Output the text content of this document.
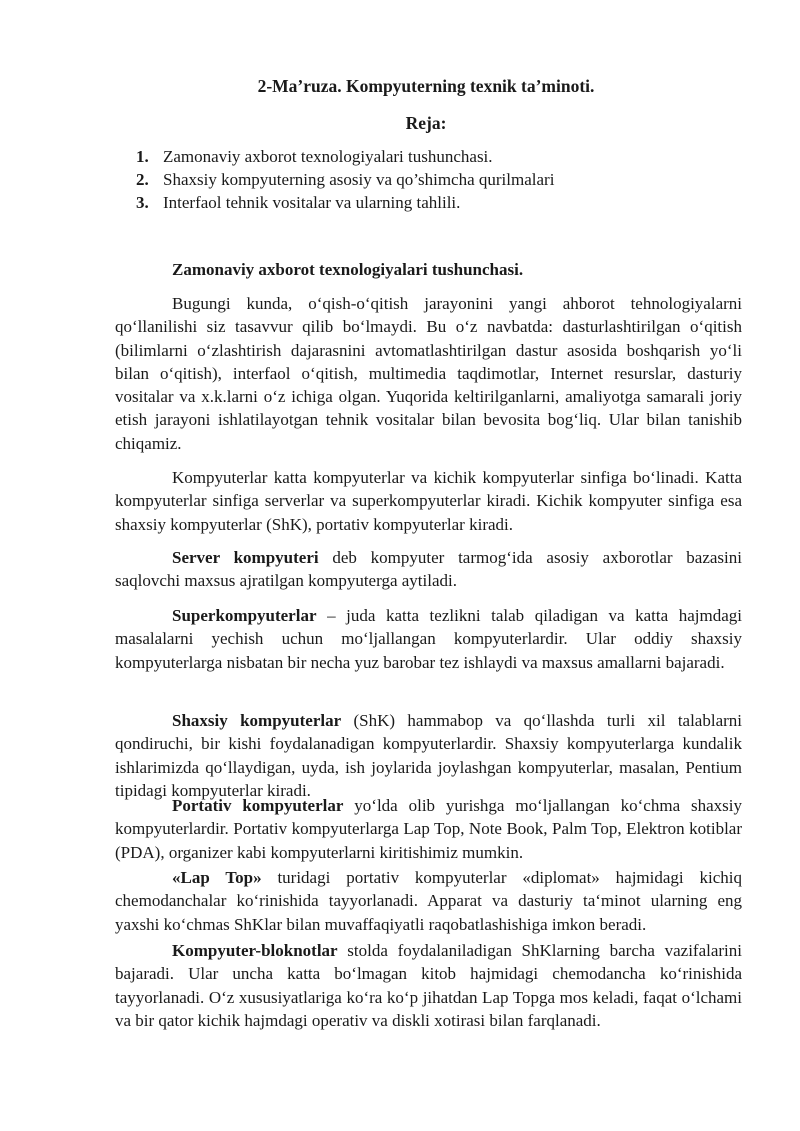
2-Ma’ruza. Kompyuterning texnik ta’minoti.
Reja:
1. Zamonaviy axborot texnologiyalari tushunchasi.
2. Shaxsiy kompyuterning asosiy va qo’shimcha qurilmalari
3. Interfaol tehnik vositalar va ularning tahlili.
Zamonaviy axborot texnologiyalari tushunchasi.

Bugungi kunda, o‘qish-o‘qitish jarayonini yangi ahborot tehnologiyalarni qo‘llanilishi siz tasavvur qilib bo‘lmaydi. Bu o‘z navbatda: dasturlashtirilgan o‘qitish (bilimlarni o‘zlashtirish dajarasnini avtomatlashtirilgan dastur asosida boshqarish yo‘li bilan o‘qitish), interfaol o‘qitish, multimedia taqdimotlar, Internet resurslar, dasturiy vositalar va x.k.larni o‘z ichiga olgan. Yuqorida keltirilganlarni, amaliyotga samarali joriy etish jarayoni ishlatilayotgan tehnik vositalar bilan bevosita bog‘liq. Ular bilan tanishib chiqamiz.

Kompyuterlar katta kompyuterlar va kichik kompyuterlar sinfiga bo‘linadi. Katta kompyuterlar sinfiga serverlar va superkompyuterlar kiradi. Kichik kompyuter sinfiga esa shaxsiy kompyuterlar (ShK), portativ kompyuterlar kiradi.

Server kompyuteri deb kompyuter tarmog‘ida asosiy axborotlar bazasini saqlovchi maxsus ajratilgan kompyuterga aytiladi.

Superkompyuterlar – juda katta tezlikni talab qiladigan va katta hajmdagi masalalarni yechish uchun mo‘ljallangan kompyuterlardir. Ular oddiy shaxsiy kompyuterlarga nisbatan bir necha yuz barobar tez ishlaydi va maxsus amallarni bajaradi.

Shaxsiy kompyuterlar (ShK) hammabop va qo‘llashda turli xil talablarni qondiruchi, bir kishi foydalanadigan kompyuterlardir. Shaxsiy kompyuterlarga kundalik ishlarimizda qo‘llaydigan, uyda, ish joylarida joylashgan kompyuterlar, masalan, Pentium tipidagi kompyuterlar kiradi.

Portativ kompyuterlar yo‘lda olib yurishga mo‘ljallangan ko‘chma shaxsiy kompyuterlardir. Portativ kompyuterlarga Lap Top, Note Book, Palm Top, Elektron kotiblar (PDA), organizer kabi kompyuterlarni kiritishimiz mumkin.

«Lap Top» turidagi portativ kompyuterlar «diplomat» hajmidagi kichiq chemodanchalar ko‘rinishida tayyorlanadi. Apparat va dasturiy ta‘minot ularning eng yaxshi ko‘chmas ShKlar bilan muvaffaqiyatli raqobatlashishiga imkon beradi.

Kompyuter-bloknotlar stolda foydalaniladigan ShKlarning barcha vazifalarini bajaradi. Ular uncha katta bo‘lmagan kitob hajmidagi chemodancha ko‘rinishida tayyorlanadi. O‘z xususiyatlariga ko‘ra ko‘p jihatdan Lap Topga mos keladi, faqat o‘lchami va bir qator kichik hajmdagi operativ va diskli xotirasi bilan farqlanadi.
